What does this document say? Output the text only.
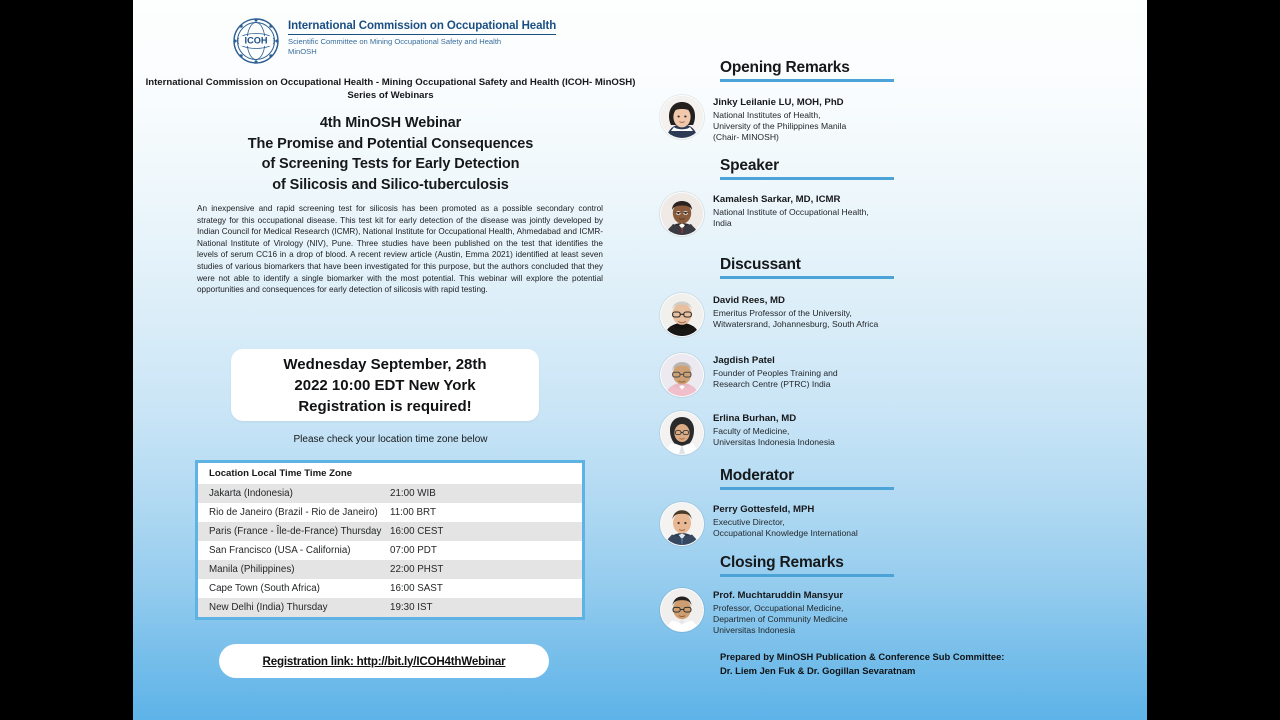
ICOH
International Commission on Occupational Health
Scientific Committee on Mining Occupational Safety and Health
MinOSH
International Commission on Occupational Health - Mining Occupational Safety and Health (ICOH- MinOSH) Series of Webinars
4th MinOSH Webinar
The Promise and Potential Consequences
of Screening Tests for Early Detection
of Silicosis and Silico-tuberculosis
An inexpensive and rapid screening test for silicosis has been promoted as a possible secondary control strategy for this occupational disease. This test kit for early detection of the disease was jointly developed by Indian Council for Medical Research (ICMR), National Institute for Occupational Health, Ahmedabad and ICMR-National Institute of Virology (NIV), Pune. Three studies have been published on the test that identifies the levels of serum CC16 in a drop of blood. A recent review article (Austin, Emma 2021) identified at least seven studies of various biomarkers that have been investigated for this purpose, but the authors concluded that they were not able to identify a single biomarker with the most potential. This webinar will explore the potential opportunities and consequences for early detection of silicosis with rapid testing.
Wednesday September, 28th
2022 10:00 EDT New York
Registration is required!
Please check your location time zone below
Location Local Time Time Zone	
Jakarta (Indonesia)	21:00 WIB
Rio de Janeiro (Brazil - Rio de Janeiro)	11:00 BRT
Paris (France - Île-de-France) Thursday	16:00 CEST
San Francisco (USA - California)	07:00 PDT
Manila (Philippines)	22:00 PHST
Cape Town (South Africa)	16:00 SAST
New Delhi (India) Thursday	19:30 IST
Registration link: http://bit.ly/ICOH4thWebinar
Opening Remarks
Jinky Leilanie LU, MOH, PhD
National Institutes of Health,
University of the Philippines Manila
(Chair- MINOSH)
Speaker
Kamalesh Sarkar, MD, ICMR
National Institute of Occupational Health,
India
Discussant
David Rees, MD
Emeritus Professor of the University,
Witwatersrand, Johannesburg, South Africa
Jagdish Patel
Founder of Peoples Training and
Research Centre (PTRC) India
Erlina Burhan, MD
Faculty of Medicine,
Universitas Indonesia Indonesia
Moderator
Perry Gottesfeld, MPH
Executive Director,
Occupational Knowledge International
Closing Remarks
Prof. Muchtaruddin Mansyur
Professor, Occupational Medicine,
Departmen of Community Medicine
Universitas Indonesia
Prepared by MinOSH Publication & Conference Sub Committee:
Dr. Liem Jen Fuk & Dr. Gogillan Sevaratnam
